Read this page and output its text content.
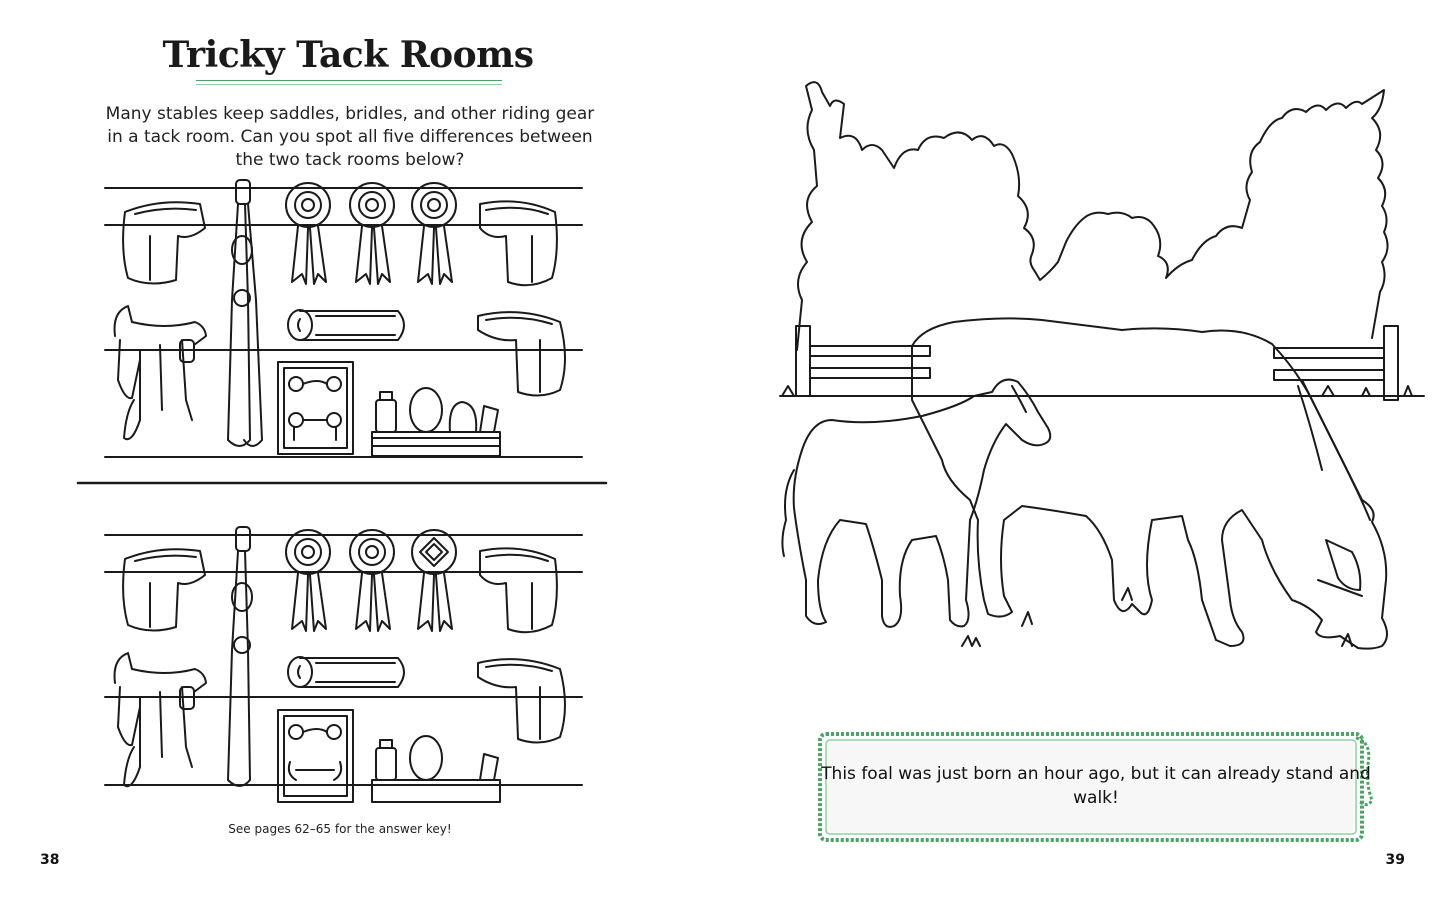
Tricky Tack Rooms
Many stables keep saddles, bridles, and other riding gear in a tack room. Can you spot all five differences between the two tack rooms below?
See pages 62–65 for the answer key!
38
This foal was just born an hour ago, but it can already stand and walk!
39
